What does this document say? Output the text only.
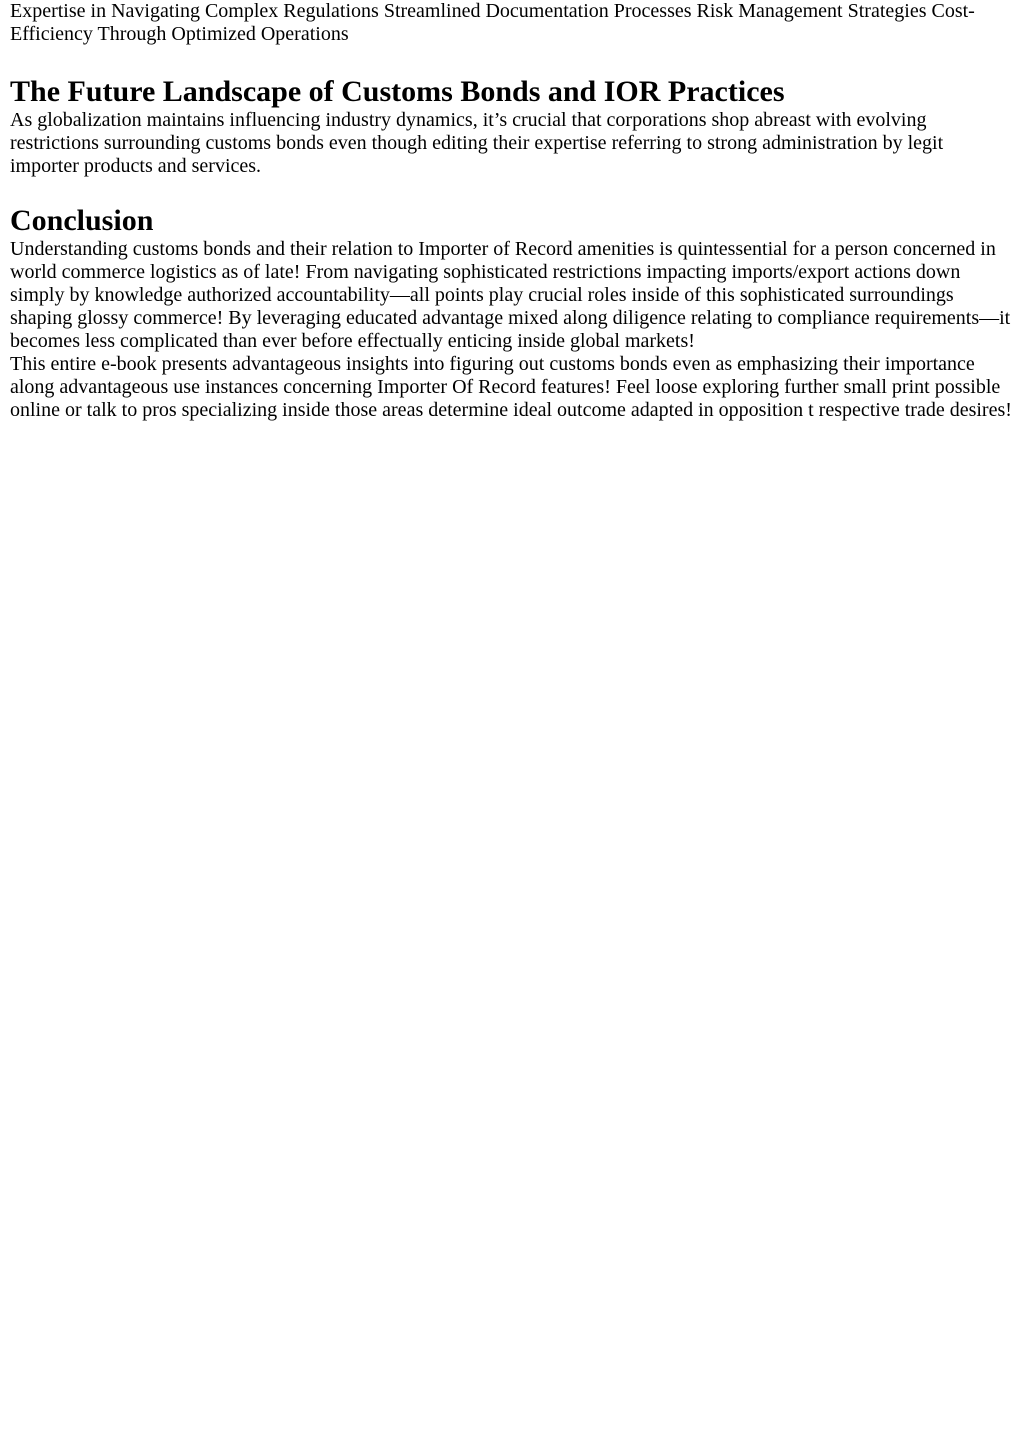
Expertise in Navigating Complex Regulations Streamlined Documentation Processes Risk Management Strategies Cost-Efficiency Through Optimized Operations

The Future Landscape of Customs Bonds and IOR Practices

As globalization maintains influencing industry dynamics, it’s crucial that corporations shop abreast with evolving restrictions surrounding customs bonds even though editing their expertise referring to strong administration by legit importer products and services.

Conclusion

Understanding customs bonds and their relation to Importer of Record amenities is quintessential for a person concerned in world commerce logistics as of late! From navigating sophisticated restrictions impacting imports/export actions down simply by knowledge authorized accountability—all points play crucial roles inside of this sophisticated surroundings shaping glossy commerce! By leveraging educated advantage mixed along diligence relating to compliance requirements—it becomes less complicated than ever before effectually enticing inside global markets!

This entire e-book presents advantageous insights into figuring out customs bonds even as emphasizing their importance along advantageous use instances concerning Importer Of Record features! Feel loose exploring further small print possible online or talk to pros specializing inside those areas determine ideal outcome adapted in opposition t respective trade desires!
